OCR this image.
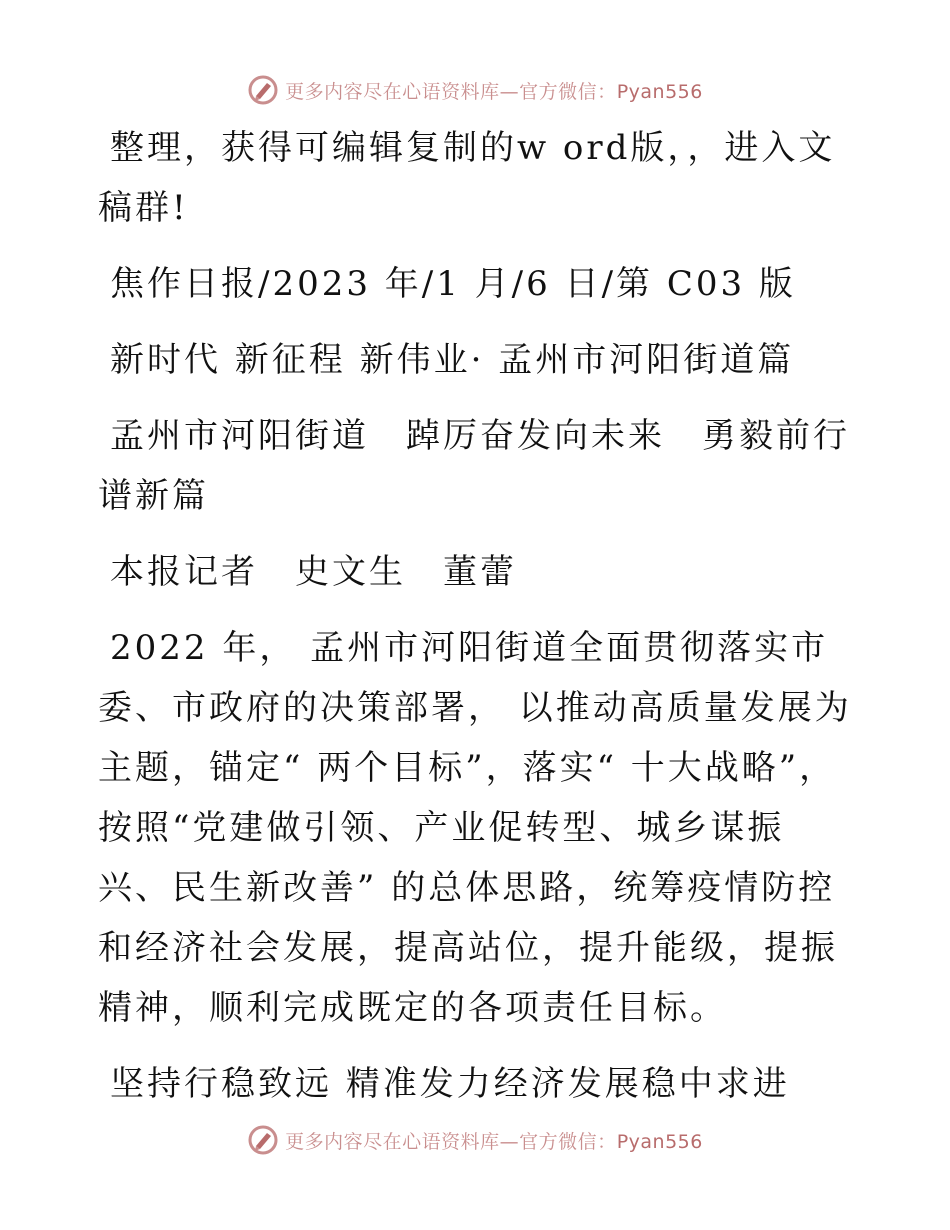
更多内容尽在心语资料库—官方微信：Pyan556

整理，获得可编辑复制的w ord版，，进入文稿群!

焦作日报/2023 年/1 月/6 日/第 C03 版

新时代 新征程 新伟业· 孟州市河阳街道篇

孟州市河阳街道　踔厉奋发向未来　勇毅前行谱新篇

本报记者　史文生　董蕾

2022 年， 孟州市河阳街道全面贯彻落实市委、市政府的决策部署， 以推动高质量发展为主题，锚定“ 两个目标”，落实“ 十大战略”，按照“党建做引领、产业促转型、城乡谋振兴、民生新改善” 的总体思路，统筹疫情防控和经济社会发展，提高站位，提升能级，提振精神，顺利完成既定的各项责任目标。

坚持行稳致远 精准发力经济发展稳中求进

更多内容尽在心语资料库—官方微信：Pyan556
